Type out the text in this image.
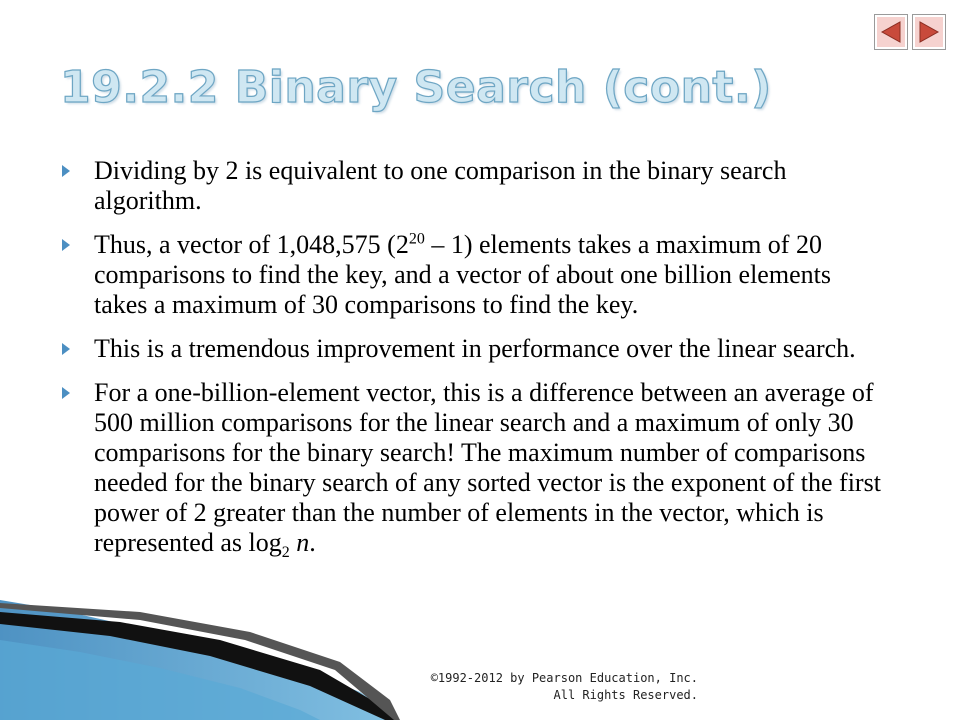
19.2.2 Binary Search (cont.)
Dividing by 2 is equivalent to one comparison in the binary search algorithm.
Thus, a vector of 1,048,575 $(2^{20} - 1)$ elements takes a maximum of 20 comparisons to find the key, and a vector of about one billion elements takes a maximum of 30 comparisons to find the key.
This is a tremendous improvement in performance over the linear search.
For a one-billion-element vector, this is a difference between an average of 500 million comparisons for the linear search and a maximum of only 30 comparisons for the binary search! The maximum number of comparisons needed for the binary search of any sorted vector is the exponent of the first power of 2 greater than the number of elements in the vector, which is represented as $\log_2 n$.
©1992-2012 by Pearson Education, Inc.
All Rights Reserved.
